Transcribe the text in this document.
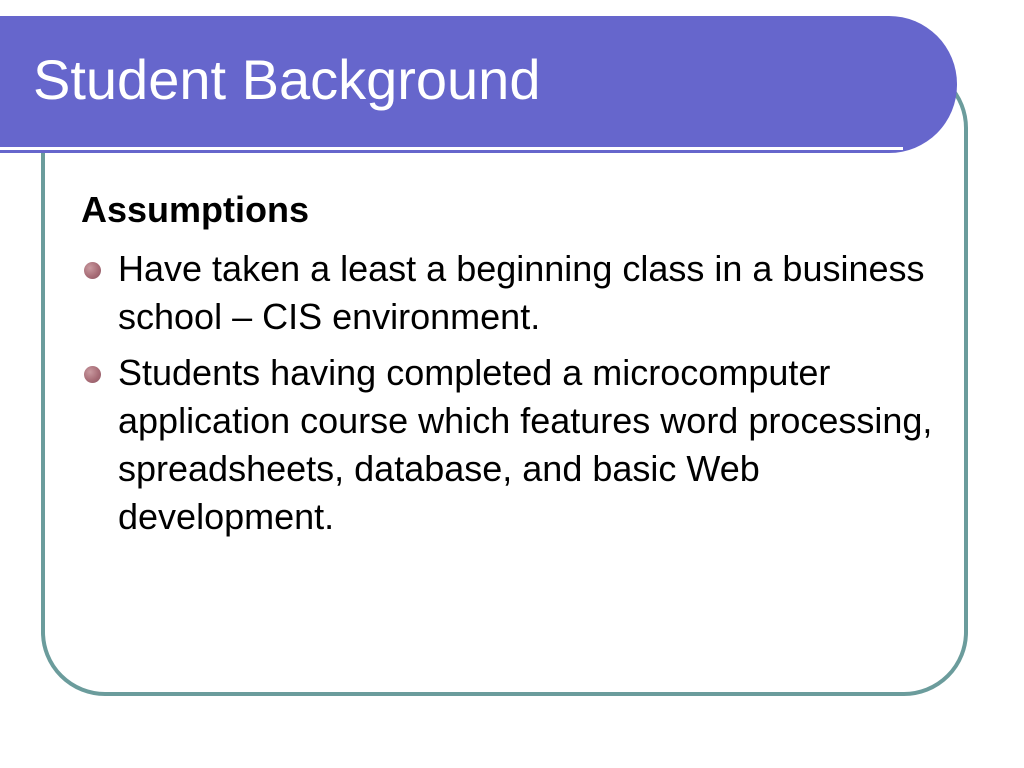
Student Background
Assumptions
Have taken a least a beginning class in a business school – CIS environment.
Students having completed a microcomputer application course which features word processing, spreadsheets, database, and basic Web development.
